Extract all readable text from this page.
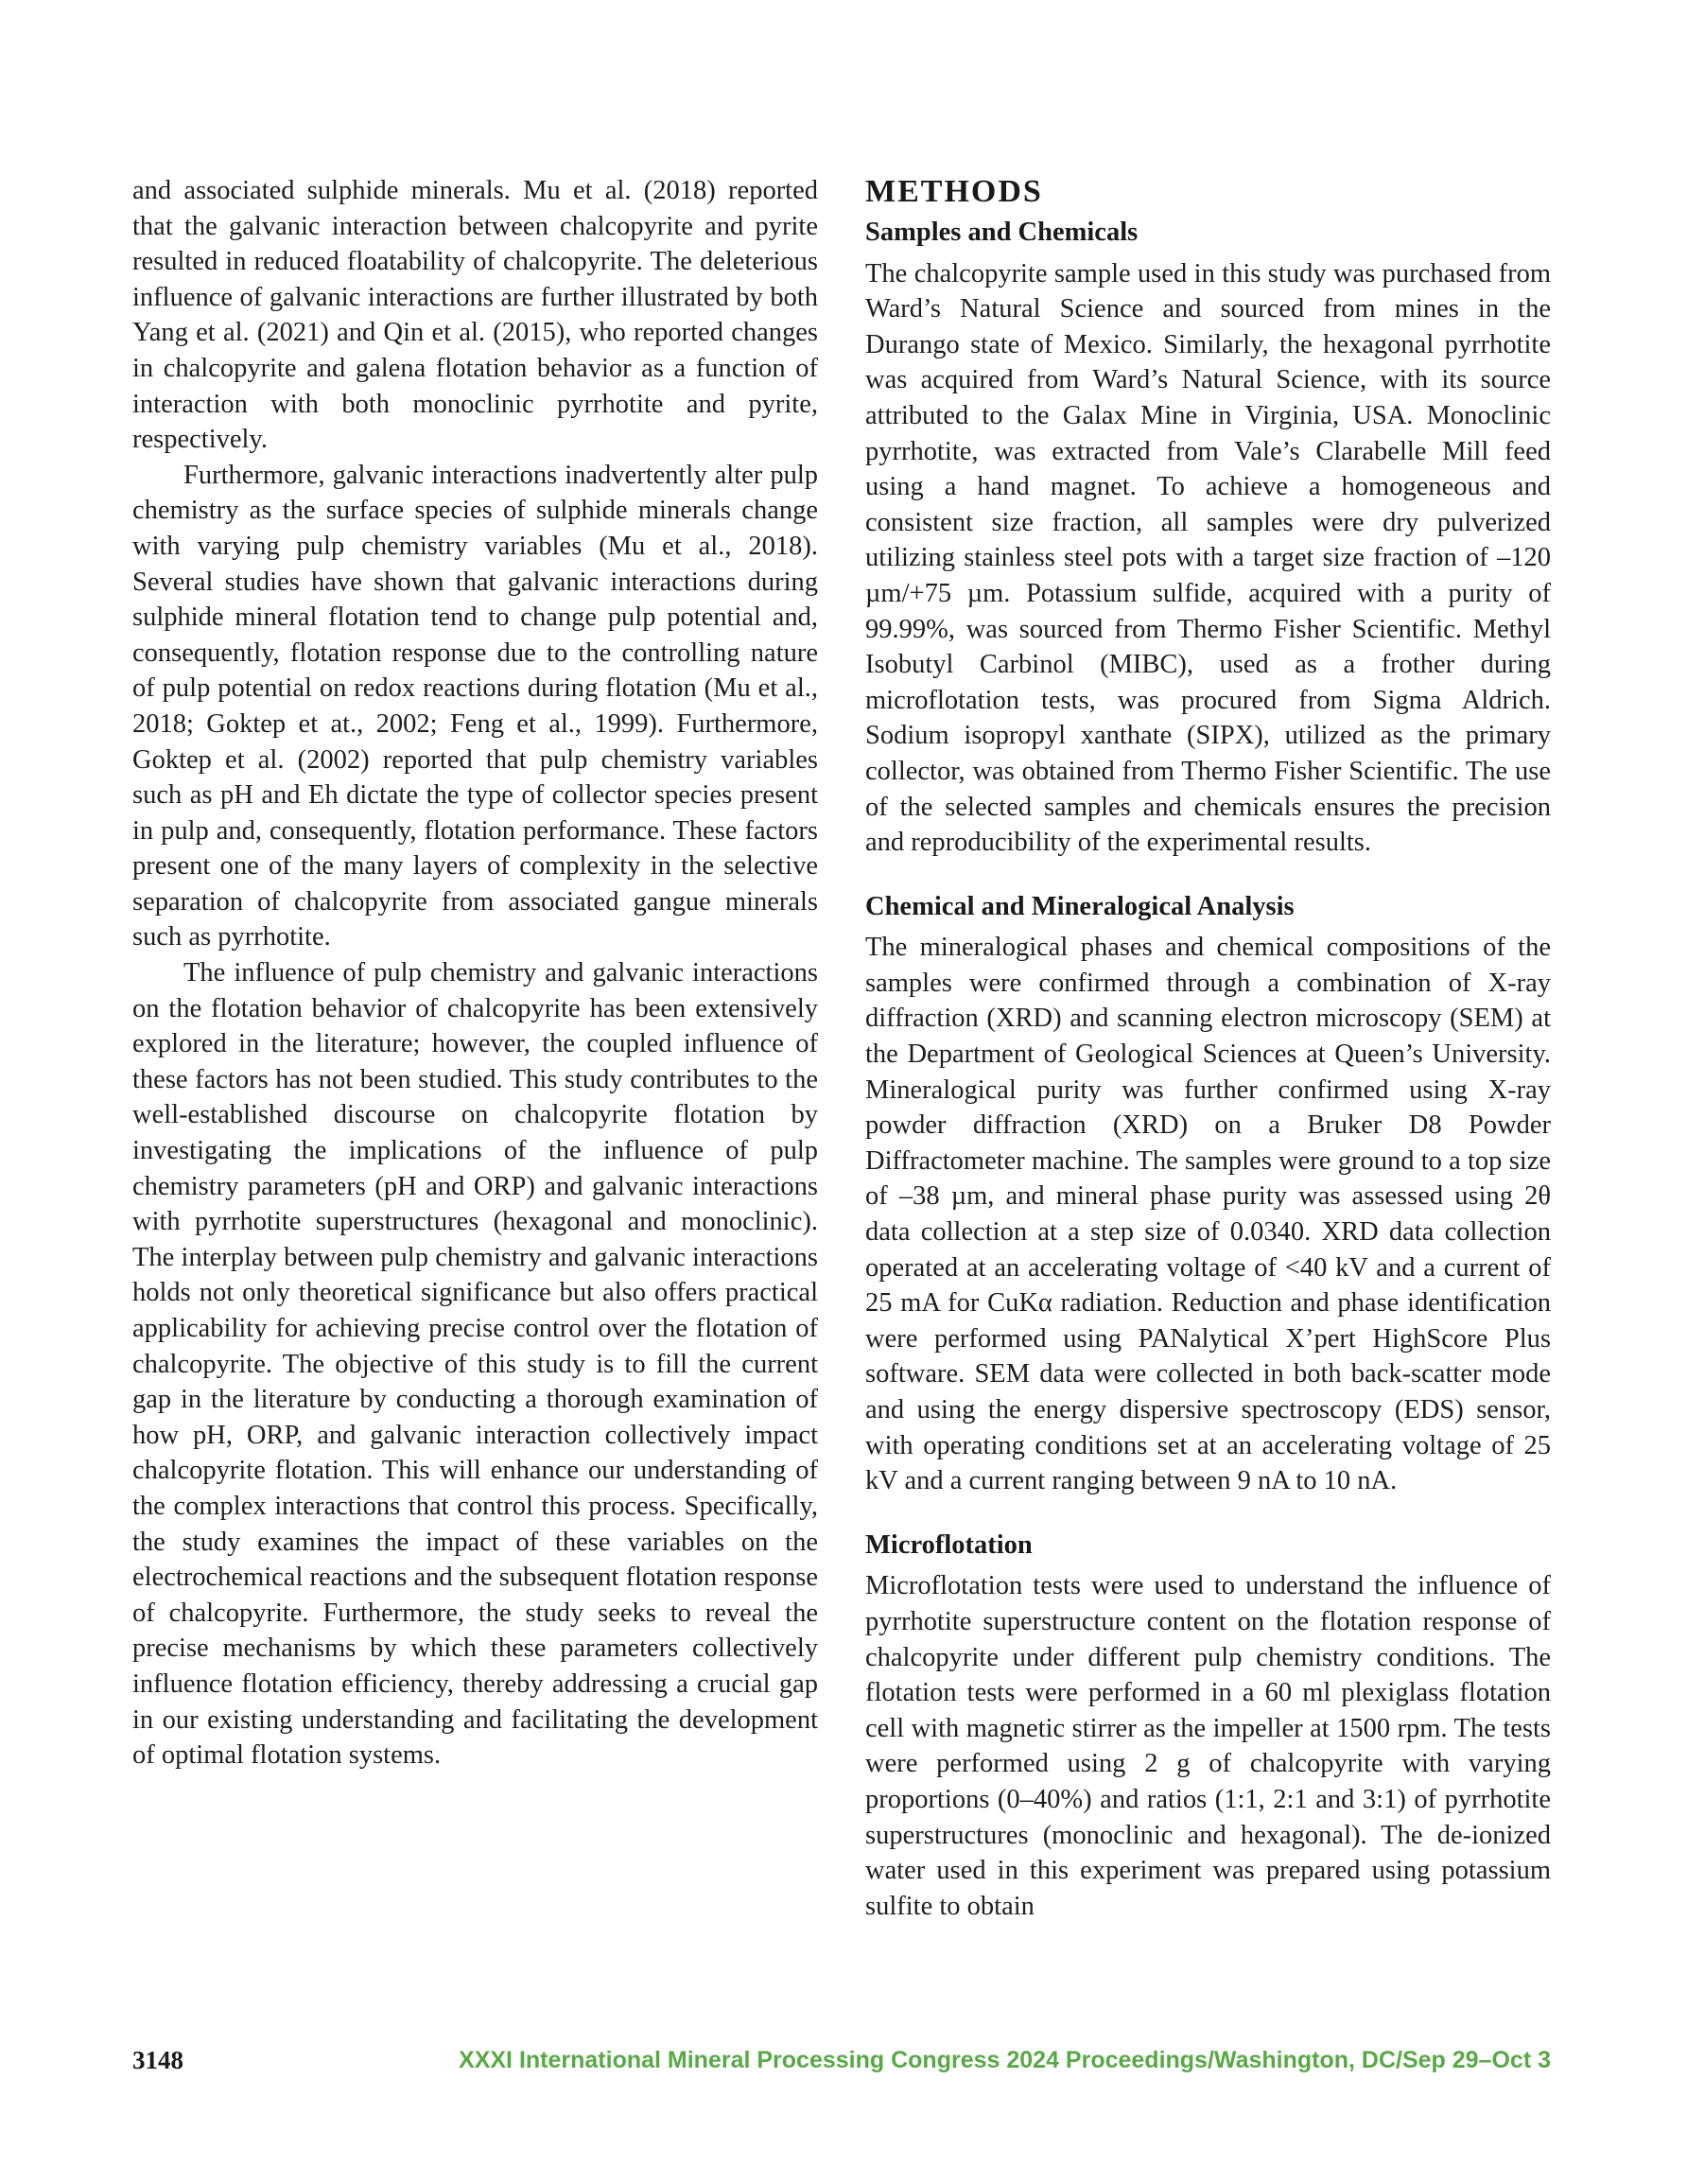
and associated sulphide minerals. Mu et al. (2018) reported that the galvanic interaction between chalcopyrite and pyrite resulted in reduced floatability of chalcopyrite. The deleterious influence of galvanic interactions are further illustrated by both Yang et al. (2021) and Qin et al. (2015), who reported changes in chalcopyrite and galena flotation behavior as a function of interaction with both monoclinic pyrrhotite and pyrite, respectively.

Furthermore, galvanic interactions inadvertently alter pulp chemistry as the surface species of sulphide minerals change with varying pulp chemistry variables (Mu et al., 2018). Several studies have shown that galvanic interactions during sulphide mineral flotation tend to change pulp potential and, consequently, flotation response due to the controlling nature of pulp potential on redox reactions during flotation (Mu et al., 2018; Goktep et at., 2002; Feng et al., 1999). Furthermore, Goktep et al. (2002) reported that pulp chemistry variables such as pH and Eh dictate the type of collector species present in pulp and, consequently, flotation performance. These factors present one of the many layers of complexity in the selective separation of chalcopyrite from associated gangue minerals such as pyrrhotite.

The influence of pulp chemistry and galvanic interactions on the flotation behavior of chalcopyrite has been extensively explored in the literature; however, the coupled influence of these factors has not been studied. This study contributes to the well-established discourse on chalcopyrite flotation by investigating the implications of the influence of pulp chemistry parameters (pH and ORP) and galvanic interactions with pyrrhotite superstructures (hexagonal and monoclinic). The interplay between pulp chemistry and galvanic interactions holds not only theoretical significance but also offers practical applicability for achieving precise control over the flotation of chalcopyrite. The objective of this study is to fill the current gap in the literature by conducting a thorough examination of how pH, ORP, and galvanic interaction collectively impact chalcopyrite flotation. This will enhance our understanding of the complex interactions that control this process. Specifically, the study examines the impact of these variables on the electrochemical reactions and the subsequent flotation response of chalcopyrite. Furthermore, the study seeks to reveal the precise mechanisms by which these parameters collectively influence flotation efficiency, thereby addressing a crucial gap in our existing understanding and facilitating the development of optimal flotation systems.

METHODS
Samples and Chemicals

The chalcopyrite sample used in this study was purchased from Ward’s Natural Science and sourced from mines in the Durango state of Mexico. Similarly, the hexagonal pyrrhotite was acquired from Ward’s Natural Science, with its source attributed to the Galax Mine in Virginia, USA. Monoclinic pyrrhotite, was extracted from Vale’s Clarabelle Mill feed using a hand magnet. To achieve a homogeneous and consistent size fraction, all samples were dry pulverized utilizing stainless steel pots with a target size fraction of –120 µm/+75 µm. Potassium sulfide, acquired with a purity of 99.99%, was sourced from Thermo Fisher Scientific. Methyl Isobutyl Carbinol (MIBC), used as a frother during microflotation tests, was procured from Sigma Aldrich. Sodium isopropyl xanthate (SIPX), utilized as the primary collector, was obtained from Thermo Fisher Scientific. The use of the selected samples and chemicals ensures the precision and reproducibility of the experimental results.

Chemical and Mineralogical Analysis

The mineralogical phases and chemical compositions of the samples were confirmed through a combination of X-ray diffraction (XRD) and scanning electron microscopy (SEM) at the Department of Geological Sciences at Queen’s University. Mineralogical purity was further confirmed using X-ray powder diffraction (XRD) on a Bruker D8 Powder Diffractometer machine. The samples were ground to a top size of –38 µm, and mineral phase purity was assessed using 2θ data collection at a step size of 0.0340. XRD data collection operated at an accelerating voltage of <40 kV and a current of 25 mA for CuKα radiation. Reduction and phase identification were performed using PANalytical X’pert HighScore Plus software. SEM data were collected in both back-scatter mode and using the energy dispersive spectroscopy (EDS) sensor, with operating conditions set at an accelerating voltage of 25 kV and a current ranging between 9 nA to 10 nA.

Microflotation

Microflotation tests were used to understand the influence of pyrrhotite superstructure content on the flotation response of chalcopyrite under different pulp chemistry conditions. The flotation tests were performed in a 60 ml plexiglass flotation cell with magnetic stirrer as the impeller at 1500 rpm. The tests were performed using 2 g of chalcopyrite with varying proportions (0–40%) and ratios (1:1, 2:1 and 3:1) of pyrrhotite superstructures (monoclinic and hexagonal). The de-ionized water used in this experiment was prepared using potassium sulfite to obtain

3148	XXXI International Mineral Processing Congress 2024 Proceedings/Washington, DC/Sep 29–Oct 3
